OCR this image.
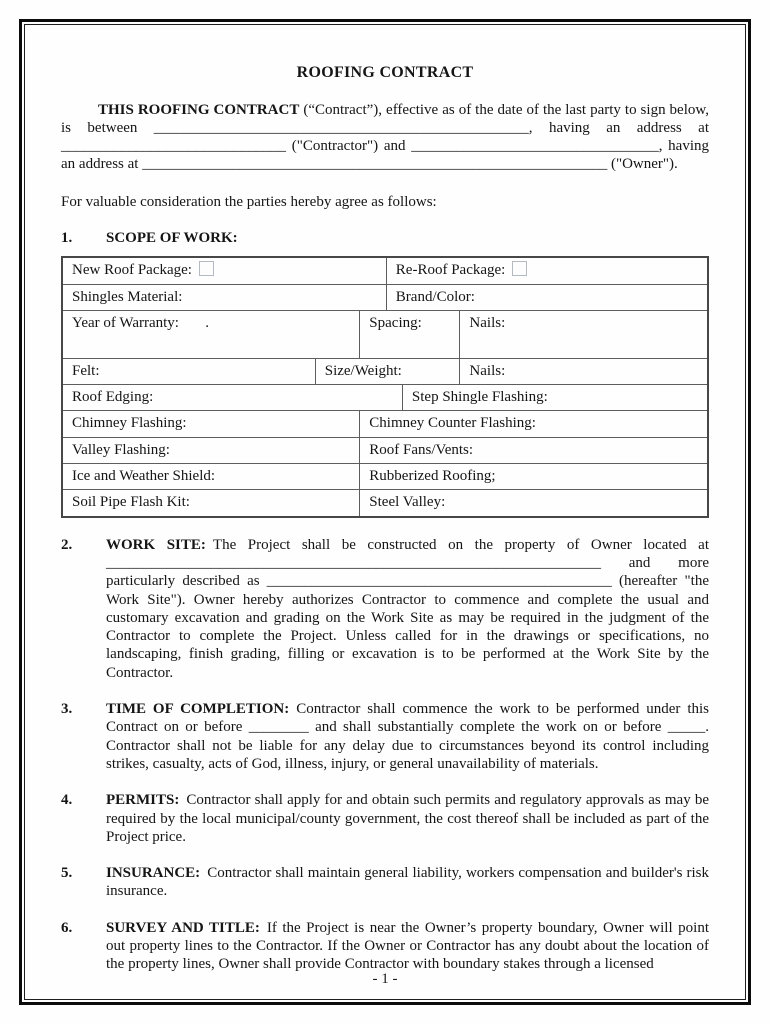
ROOFING CONTRACT

THIS ROOFING CONTRACT (“Contract”), effective as of the date of the last party to sign below, is between __________________________________________________, having an address at ______________________________ ("Contractor") and _________________________________, having an address at ______________________________________________________________ ("Owner").

For valuable consideration the parties hereby agree as follows:

1.	SCOPE OF WORK:
New Roof Package:			Re-Roof Package:		
Shingles Material:			Brand/Color:		
Year of Warranty:       .		Spacing:			Nails:
Felt:	Size/Weight:				Nails:
Roof Edging:				Step Shingle Flashing:	
Chimney Flashing:		Chimney Counter Flashing:			
Valley Flashing:		Roof Fans/Vents:			
Ice and Weather Shield:		Rubberized Roofing;			
Soil Pipe Flash Kit:		Steel Valley:			
2.	WORK SITE: The Project shall be constructed on the property of Owner located at __________________________________________________________________ and more particularly described as ______________________________________________ (hereafter "the Work Site"). Owner hereby authorizes Contractor to commence and complete the usual and customary excavation and grading on the Work Site as may be required in the judgment of the Contractor to complete the Project. Unless called for in the drawings or specifications, no landscaping, finish grading, filling or excavation is to be performed at the Work Site by the Contractor.
3.	TIME OF COMPLETION: Contractor shall commence the work to be performed under this Contract on or before ________ and shall substantially complete the work on or before _____. Contractor shall not be liable for any delay due to circumstances beyond its control including strikes, casualty, acts of God, illness, injury, or general unavailability of materials.
4.	PERMITS: Contractor shall apply for and obtain such permits and regulatory approvals as may be required by the local municipal/county government, the cost thereof shall be included as part of the Project price.
5.	INSURANCE: Contractor shall maintain general liability, workers compensation and builder's risk insurance.
6.	SURVEY AND TITLE: If the Project is near the Owner’s property boundary, Owner will point out property lines to the Contractor. If the Owner or Contractor has any doubt about the location of the property lines, Owner shall provide Contractor with boundary stakes through a licensed
- 1 -
